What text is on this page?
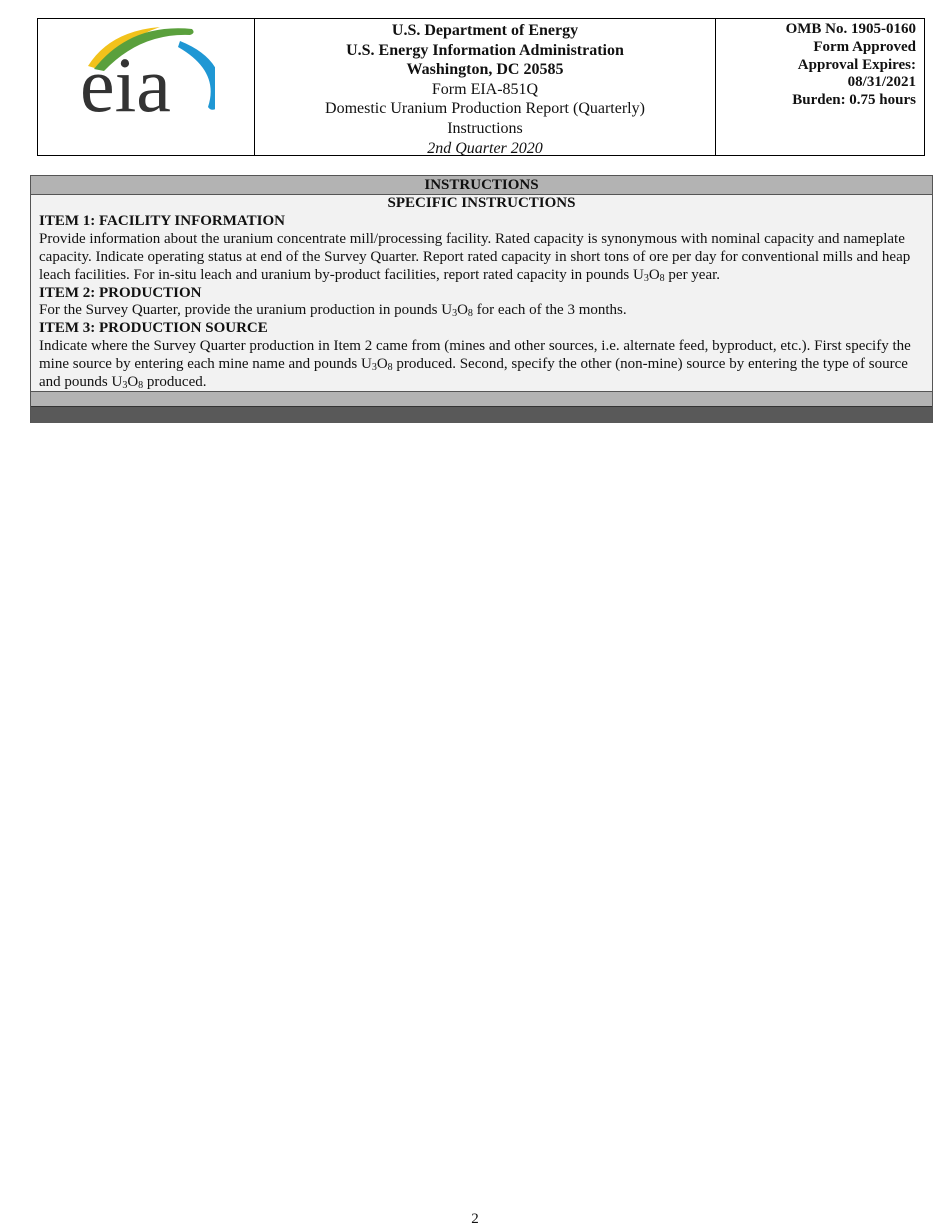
eia
U.S. Department of Energy
U.S. Energy Information Administration
Washington, DC 20585
Form EIA-851Q
Domestic Uranium Production Report (Quarterly)
Instructions
2nd Quarter 2020
OMB No. 1905-0160
Form Approved
Approval Expires:
08/31/2021
Burden: 0.75 hours
INSTRUCTIONS
SPECIFIC INSTRUCTIONS
ITEM 1: FACILITY INFORMATION
Provide information about the uranium concentrate mill/processing facility. Rated capacity is synonymous with nominal capacity and nameplate capacity. Indicate operating status at end of the Survey Quarter. Report rated capacity in short tons of ore per day for conventional mills and heap leach facilities. For in-situ leach and uranium by-product facilities, report rated capacity in pounds $U_3O_8$ per year.
ITEM 2: PRODUCTION
For the Survey Quarter, provide the uranium production in pounds $U_3O_8$ for each of the 3 months.
ITEM 3: PRODUCTION SOURCE
Indicate where the Survey Quarter production in Item 2 came from (mines and other sources, i.e. alternate feed, byproduct, etc.). First specify the mine source by entering each mine name and pounds $U_3O_8$ produced. Second, specify the other (non-mine) source by entering the type of source and pounds $U_3O_8$ produced.
2
